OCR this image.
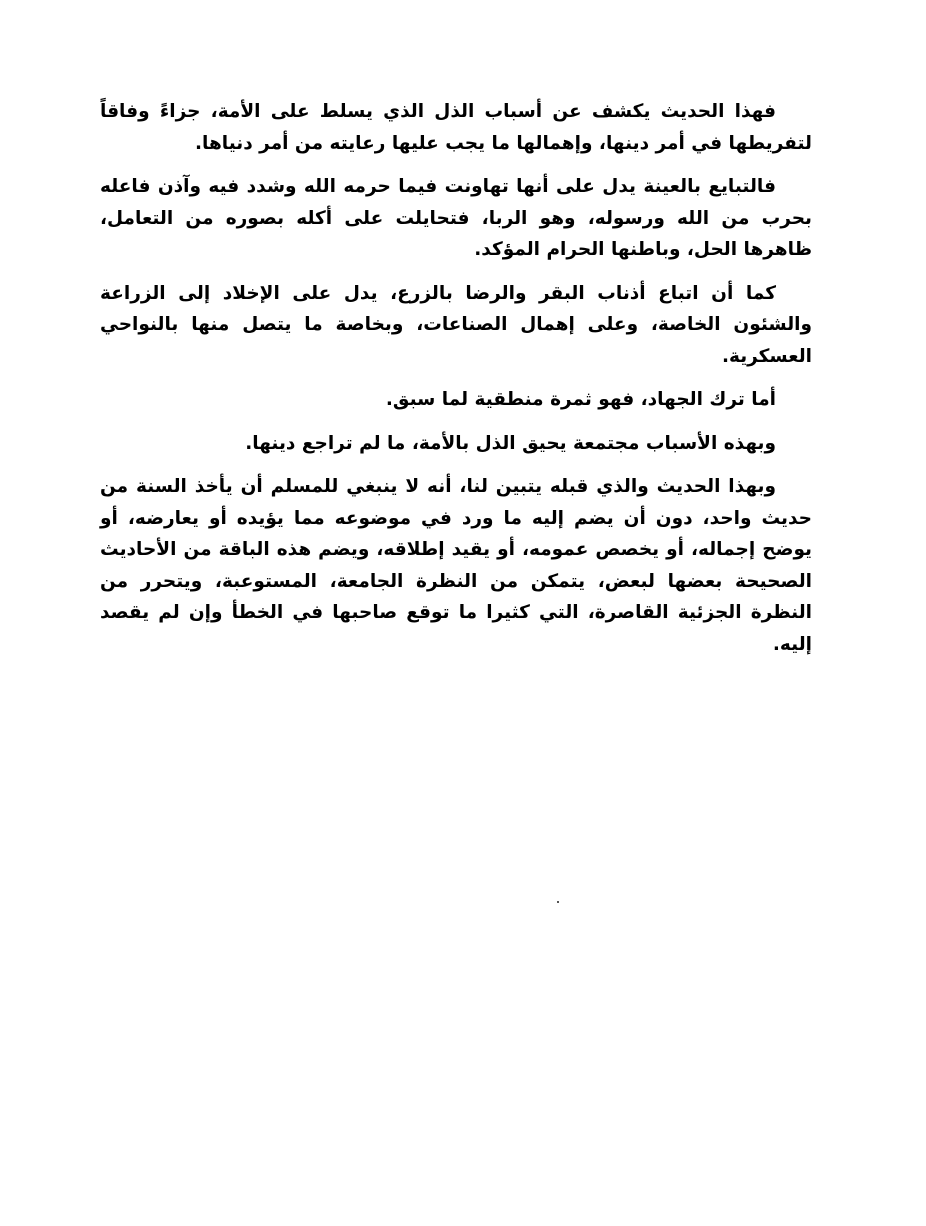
فهذا الحديث يكشف عن أسباب الذل الذي يسلط على الأمة، جزاءً وفاقاً لتفريطها في أمر دينها، وإهمالها ما يجب عليها رعايته من أمر دنياها.

فالتبايع بالعينة يدل على أنها تهاونت فيما حرمه الله وشدد فيه وآذن فاعله بحرب من الله ورسوله، وهو الربا، فتحايلت على أكله بصوره من التعامل، ظاهرها الحل، وباطنها الحرام المؤكد.

كما أن اتباع أذناب البقر والرضا بالزرع، يدل على الإخلاد إلى الزراعة والشئون الخاصة، وعلى إهمال الصناعات، وبخاصة ما يتصل منها بالنواحي العسكرية.

أما ترك الجهاد، فهو ثمرة منطقية لما سبق.

وبهذه الأسباب مجتمعة يحيق الذل بالأمة، ما لم تراجع دينها.

وبهذا الحديث والذي قبله يتبين لنا، أنه لا ينبغي للمسلم أن يأخذ السنة من حديث واحد، دون أن يضم إليه ما ورد في موضوعه مما يؤيده أو يعارضه، أو يوضح إجماله، أو يخصص عمومه، أو يقيد إطلاقه، ويضم هذه الباقة من الأحاديث الصحيحة بعضها لبعض، يتمكن من النظرة الجامعة، المستوعبة، ويتحرر من النظرة الجزئية القاصرة، التي كثيرا ما توقع صاحبها في الخطأ وإن لم يقصد إليه.
